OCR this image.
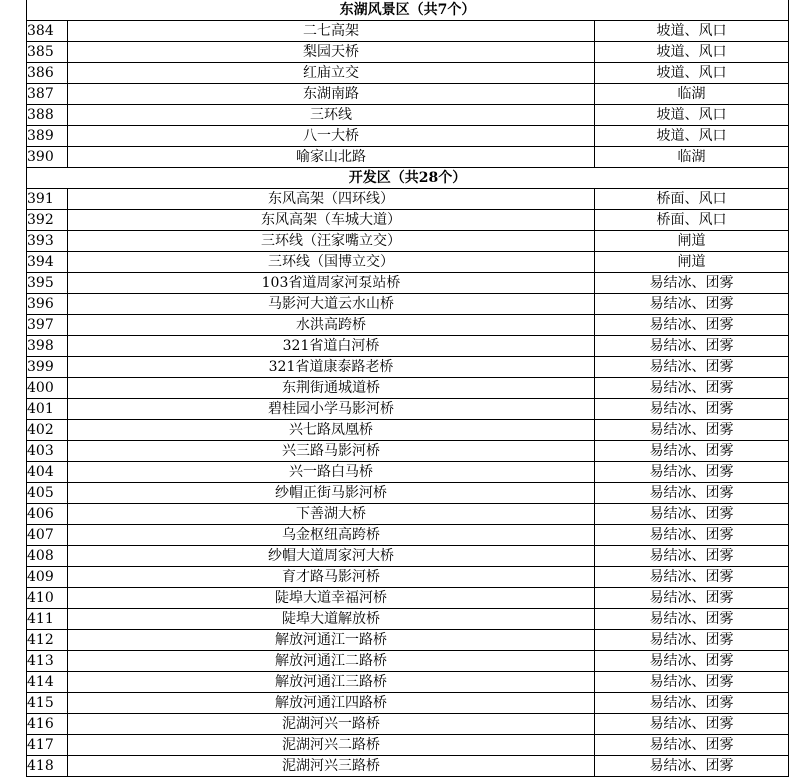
东湖风景区（共7个）		
384	二七高架	坡道、风口
385	梨园天桥	坡道、风口
386	红庙立交	坡道、风口
387	东湖南路	临湖
388	三环线	坡道、风口
389	八一大桥	坡道、风口
390	喻家山北路	临湖
开发区（共28个）		
391	东风高架（四环线）	桥面、风口
392	东风高架（车城大道）	桥面、风口
393	三环线（汪家嘴立交）	闸道
394	三环线（国博立交）	闸道
395	103省道周家河泵站桥	易结冰、团雾
396	马影河大道云水山桥	易结冰、团雾
397	水洪高跨桥	易结冰、团雾
398	321省道白河桥	易结冰、团雾
399	321省道康泰路老桥	易结冰、团雾
400	东荆街通城道桥	易结冰、团雾
401	碧桂园小学马影河桥	易结冰、团雾
402	兴七路凤凰桥	易结冰、团雾
403	兴三路马影河桥	易结冰、团雾
404	兴一路白马桥	易结冰、团雾
405	纱帽正街马影河桥	易结冰、团雾
406	下善湖大桥	易结冰、团雾
407	乌金枢纽高跨桥	易结冰、团雾
408	纱帽大道周家河大桥	易结冰、团雾
409	育才路马影河桥	易结冰、团雾
410	陡埠大道幸福河桥	易结冰、团雾
411	陡埠大道解放桥	易结冰、团雾
412	解放河通江一路桥	易结冰、团雾
413	解放河通江二路桥	易结冰、团雾
414	解放河通江三路桥	易结冰、团雾
415	解放河通江四路桥	易结冰、团雾
416	泥湖河兴一路桥	易结冰、团雾
417	泥湖河兴二路桥	易结冰、团雾
418	泥湖河兴三路桥	易结冰、团雾
